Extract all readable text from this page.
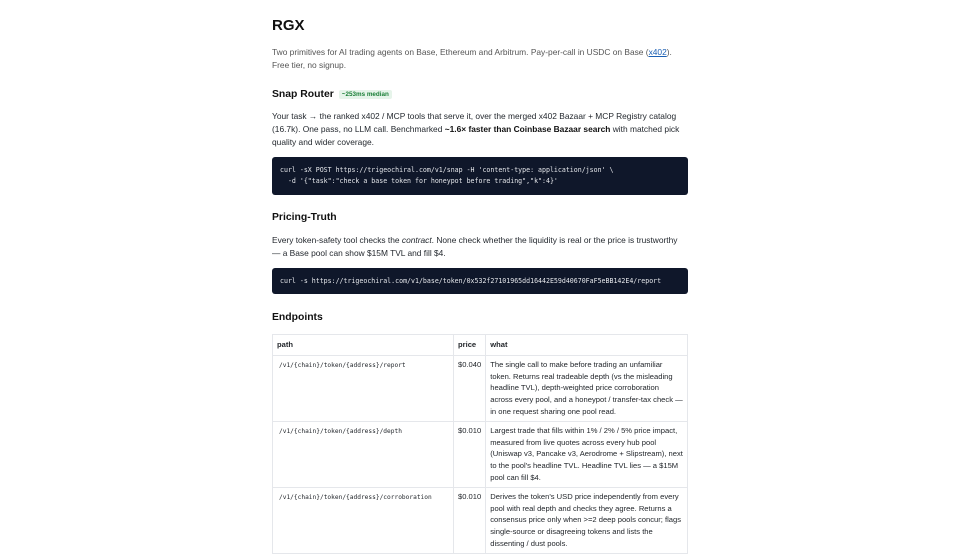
RGX

Two primitives for AI trading agents on Base, Ethereum and Arbitrum. Pay-per-call in USDC on Base (x402). Free tier, no signup.

Snap Router ~253ms median

Your task → the ranked x402 / MCP tools that serve it, over the merged x402 Bazaar + MCP Registry catalog (16.7k). One pass, no LLM call. Benchmarked ~1.6× faster than Coinbase Bazaar search with matched pick quality and wider coverage.

curl -sX POST https://trigeochiral.com/v1/snap -H 'content-type: application/json' \
-d '{"task":"check a base token for honeypot before trading","k":4}'
Pricing-Truth

Every token-safety tool checks the contract. None check whether the liquidity is real or the price is trustworthy — a Base pool can show $15M TVL and fill $4.

curl -s https://trigeochiral.com/v1/base/token/0x532f27101965dd16442E59d40670FaF5eBB142E4/report
Endpoints
path	price	what
/v1/{chain}/token/{address}/report	$0.040	The single call to make before trading an unfamiliar token. Returns real tradeable depth (vs the misleading headline TVL), depth-weighted price corroboration across every pool, and a honeypot / transfer-tax check — in one request sharing one pool read.
/v1/{chain}/token/{address}/depth	$0.010	Largest trade that fills within 1% / 2% / 5% price impact, measured from live quotes across every hub pool (Uniswap v3, Pancake v3, Aerodrome + Slipstream), next to the pool's headline TVL. Headline TVL lies — a $15M pool can fill $4.
/v1/{chain}/token/{address}/corroboration	$0.010	Derives the token's USD price independently from every pool with real depth and checks they agree. Returns a consensus price only when >=2 deep pools concur; flags single-source or disagreeing tokens and lists the dissenting / dust pools.
